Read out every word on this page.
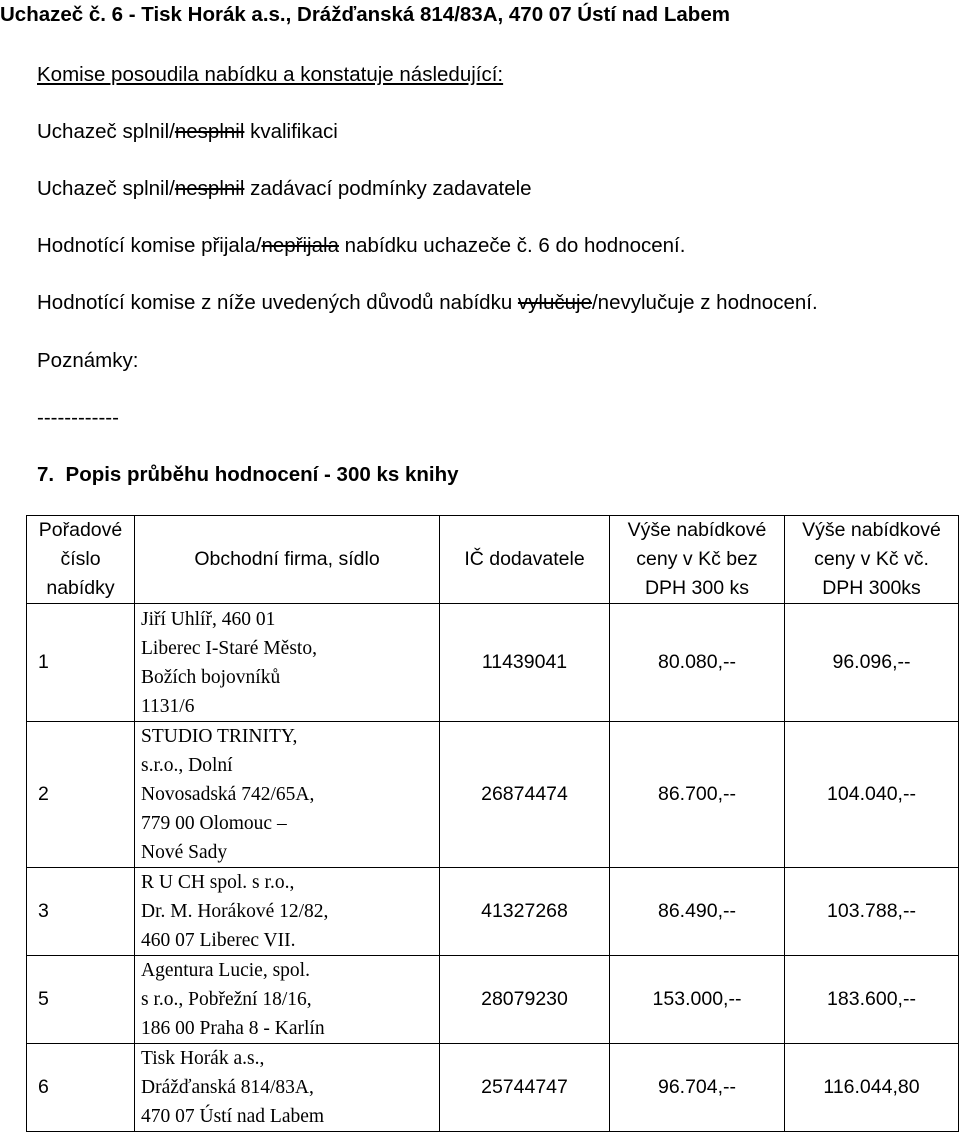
Uchazeč č. 6 - Tisk Horák a.s., Drážďanská 814/83A, 470 07 Ústí nad Labem
Komise posoudila nabídku a konstatuje následující:
Uchazeč splnil/nesplnil kvalifikaci
Uchazeč splnil/nesplnil zadávací podmínky zadavatele
Hodnotící komise přijala/nepřijala nabídku uchazeče č. 6 do hodnocení.
Hodnotící komise z níže uvedených důvodů nabídku vylučuje/nevylučuje z hodnocení.
Poznámky:
------------
7. Popis průběhu hodnocení - 300 ks knihy
Pořadové
číslo
nabídky	Obchodní firma, sídlo	IČ dodavatele	Výše nabídkové
ceny v Kč bez
DPH 300 ks	Výše nabídkové
ceny v Kč vč.
DPH 300ks

1	Jiří Uhlíř, 460 01
Liberec I-Staré Město,
Božích bojovníků
1131/6	11439041	80.080,--	96.096,--
2	STUDIO TRINITY,
s.r.o., Dolní
Novosadská 742/65A,
779 00 Olomouc –
Nové Sady	26874474	86.700,--	104.040,--
3	R U CH spol. s r.o.,
Dr. M. Horákové 12/82,
460 07 Liberec VII.	41327268	86.490,--	103.788,--
5	Agentura Lucie, spol.
s r.o., Pobřežní 18/16,
186 00 Praha 8 - Karlín	28079230	153.000,--	183.600,--
6	Tisk Horák a.s.,
Drážďanská 814/83A,
470 07 Ústí nad Labem	25744747	96.704,--	116.044,80
